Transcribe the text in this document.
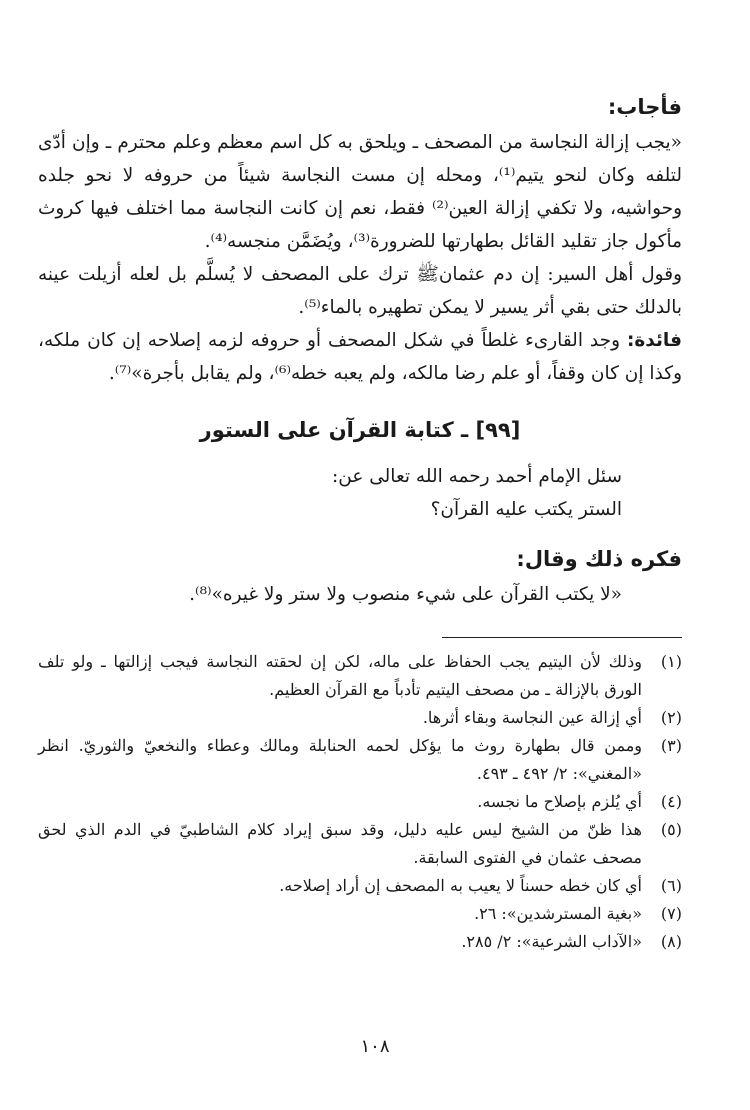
فأجاب:

«يجب إزالة النجاسة من المصحف ـ ويلحق به كل اسم معظم وعلم محترم ـ وإن أدّى لتلفه وكان لنحو يتيم⁽¹⁾، ومحله إن مست النجاسة شيئاً من حروفه لا نحو جلده وحواشيه، ولا تكفي إزالة العين⁽²⁾ فقط، نعم إن كانت النجاسة مما اختلف فيها كروث مأكول جاز تقليد القائل بطهارتها للضرورة⁽³⁾، ويُضَمَّن منجسه⁽⁴⁾.

وقول أهل السير: إن دم عثمانﷺ ترك على المصحف لا يُسلَّم بل لعله أزيلت عينه بالدلك حتى بقي أثر يسير لا يمكن تطهيره بالماء⁽⁵⁾.

فائدة: وجد القارىء غلطاً في شكل المصحف أو حروفه لزمه إصلاحه إن كان ملكه، وكذا إن كان وقفاً، أو علم رضا مالكه، ولم يعبه خطه⁽⁶⁾، ولم يقابل بأجرة»⁽⁷⁾.

[٩٩] ـ كتابة القرآن على الستور

سئل الإمام أحمد رحمه الله تعالى عن:

الستر يكتب عليه القرآن؟

فكره ذلك وقال:

«لا يكتب القرآن على شيء منصوب ولا ستر ولا غيره»⁽⁸⁾.

(١)
وذلك لأن اليتيم يجب الحفاظ على ماله، لكن إن لحقته النجاسة فيجب إزالتها ـ ولو تلف الورق بالإزالة ـ من مصحف اليتيم تأدباً مع القرآن العظيم.
(٢)
أي إزالة عين النجاسة وبقاء أثرها.
(٣)
وممن قال بطهارة روث ما يؤكل لحمه الحنابلة ومالك وعطاء والنخعيّ والثوريّ. انظر «المغني»: ٢/ ٤٩٢ ـ ٤٩٣.
(٤)
أي يُلزم بإصلاح ما نجسه.
(٥)
هذا ظنّ من الشيخ ليس عليه دليل، وقد سبق إيراد كلام الشاطبيّ في الدم الذي لحق مصحف عثمان في الفتوى السابقة.
(٦)
أي كان خطه حسناً لا يعيب به المصحف إن أراد إصلاحه.
(٧)
«بغية المسترشدين»: ٢٦.
(٨)
«الآداب الشرعية»: ٢/ ٢٨٥.
١٠٨
